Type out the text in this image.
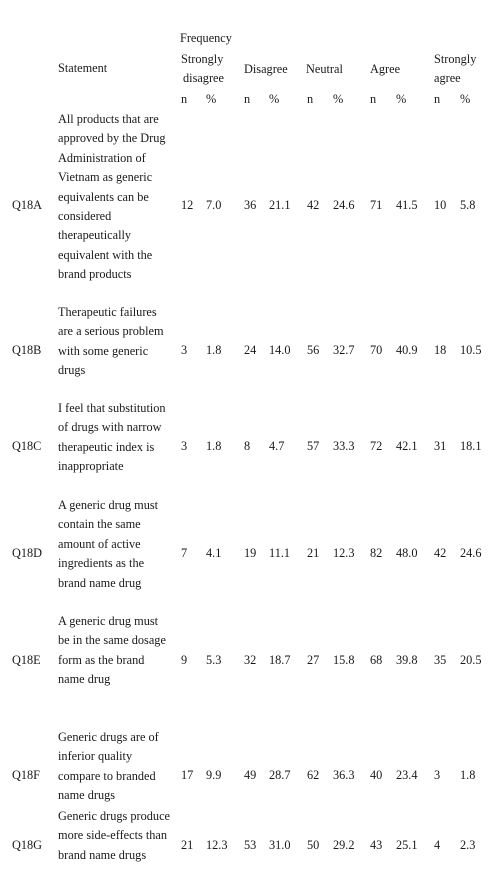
Frequency
Statement
Strongly
disagree
Disagree Neutral Agree
Strongly
agree
n % n % n % n % n %
Q18A
All products that are approved by the Drug Administration of Vietnam as generic equivalents can be considered therapeutically equivalent with the brand products
12 7.0 36 21.1 42 24.6 71 41.5 10 5.8
Q18B
Therapeutic failures are a serious problem with some generic drugs
3 1.8 24 14.0 56 32.7 70 40.9 18 10.5
Q18C
I feel that substitution of drugs with narrow therapeutic index is inappropriate
3 1.8 8 4.7 57 33.3 72 42.1 31 18.1
Q18D
A generic drug must contain the same amount of active ingredients as the brand name drug
7 4.1 19 11.1 21 12.3 82 48.0 42 24.6
Q18E
A generic drug must be in the same dosage form as the brand name drug
9 5.3 32 18.7 27 15.8 68 39.8 35 20.5
Q18F
Generic drugs are of inferior quality compare to branded name drugs
17 9.9 49 28.7 62 36.3 40 23.4 3 1.8
Q18G
Generic drugs produce more side-effects than brand name drugs
21 12.3 53 31.0 50 29.2 43 25.1 4 2.3
